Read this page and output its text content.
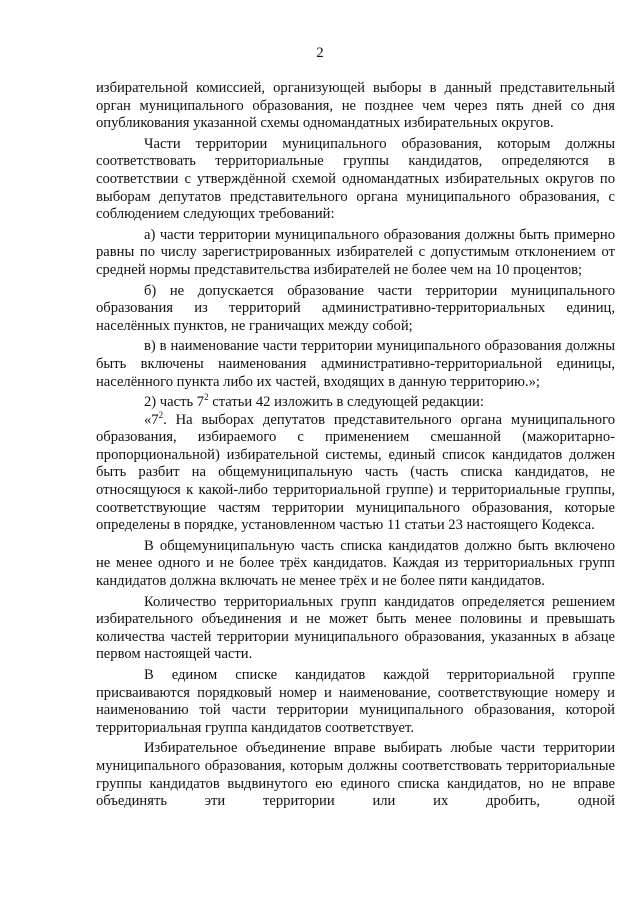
2

избирательной комиссией, организующей выборы в данный представительный орган муниципального образования, не позднее чем через пять дней со дня опубликования указанной схемы одномандатных избирательных округов.

Части территории муниципального образования, которым должны соответствовать территориальные группы кандидатов, определяются в соответствии с утверждённой схемой одномандатных избирательных округов по выборам депутатов представительного органа муниципального образования, с соблюдением следующих требований:

а) части территории муниципального образования должны быть примерно равны по числу зарегистрированных избирателей с допустимым отклонением от средней нормы представительства избирателей не более чем на 10 процентов;

б) не допускается образование части территории муниципального образования из территорий административно-территориальных единиц, населённых пунктов, не граничащих между собой;

в) в наименование части территории муниципального образования должны быть включены наименования административно-территориальной единицы, населённого пункта либо их частей, входящих в данную территорию.»;

2) часть $7^2$ статьи 42 изложить в следующей редакции:

«$7^2$. На выборах депутатов представительного органа муниципального образования, избираемого с применением смешанной (мажоритарно-пропорциональной) избирательной системы, единый список кандидатов должен быть разбит на общемуниципальную часть (часть списка кандидатов, не относящуюся к какой-либо территориальной группе) и территориальные группы, соответствующие частям территории муниципального образования, которые определены в порядке, установленном частью 11 статьи 23 настоящего Кодекса.

В общемуниципальную часть списка кандидатов должно быть включено не менее одного и не более трёх кандидатов. Каждая из территориальных групп кандидатов должна включать не менее трёх и не более пяти кандидатов.

Количество территориальных групп кандидатов определяется решением избирательного объединения и не может быть менее половины и превышать количества частей территории муниципального образования, указанных в абзаце первом настоящей части.

В едином списке кандидатов каждой территориальной группе присваиваются порядковый номер и наименование, соответствующие номеру и наименованию той части территории муниципального образования, которой территориальная группа кандидатов соответствует.

Избирательное объединение вправе выбирать любые части территории муниципального образования, которым должны соответствовать территориальные группы кандидатов выдвинутого ею единого списка кандидатов, но не вправе объединять эти территории или их дробить, одной
